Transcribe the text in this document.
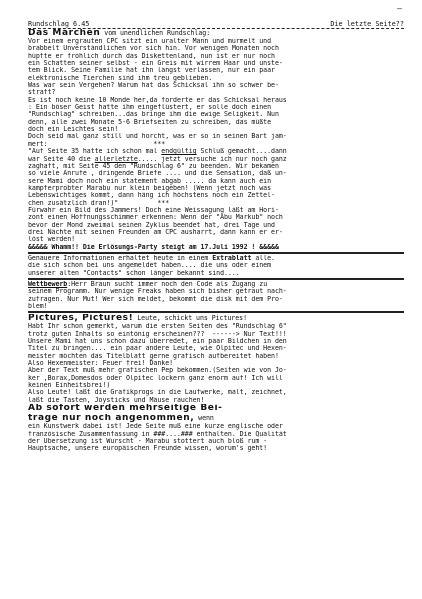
―
Rundschlag 6.45	Die letzte Seite??
Das Märchen vom unendlichen Rundschlag:
Vor einem ergrauten CPC sitzt ein uralter Mann und murmelt und
brabbelt Unverständlichen vor sich hin. Vor wenigen Monaten noch
hüpfte er fröhlich durch das Diskettenland, nun ist er nur noch
ein Schatten seiner selbst - ein Greis mit wirrem Haar und unste-
tem Blick. Seine Familie hat ihn längst verlassen, nur ein paar
elektronische Tierchen sind ihm treu geblieben.
Was war sein Vergehen? Warum hat das Schicksal ihn so schwer be-
straft?
Es ist noch keine 10 Monde her,da forderte er das Schicksal heraus
: Ein böser Geist hatte ihm eingeflüstert, er solle doch einen
"Rundschlag" schreiben...das bringe ihm die ewige Seligkeit. Nun
denn, alle zwei Monate 5-6 Briefseiten zu schreiben, das müßte
doch ein Leichtes sein!
Doch seid mal ganz still und horcht, was er so in seinen Bart jam-
mert:                           ***
"Auf Seite 35 hatte ich schon mal endgültig Schluß gemacht....dann
war Seite 40 die allerletzte..... jetzt versuche ich nur noch ganz
zaghaft, mit Seite 45 den "Rundschlag 6" zu beenden. Wir bekamen
so viele Anrufe , dringende Briefe .... und die Sensation, daß un-
sere Mami doch noch ein statement abgab ..... da kann auch ein
kampferprobter Marabu nur klein beigeben! (Wenn jetzt noch was
Lebenswichtiges kommt, dann häng ich höchstens noch ein Zettel-
chen zusätzlich dran!)"          ***
Fürwahr ein Bild des Jammers! Doch eine Weissagung läßt am Hori-
zont einen Hoffnungsschimmer erkennen: Wenn der "Abu Markub" noch
bevor der Mond zweimal seinen Zyklus beendet hat, drei Tage und
drei Nächte mit seinen Freunden am CPC ausharrt, dann kann er er-
löst werden!
&&&&& Whamm!! Die Erlösungs-Party steigt am 17.Juli 1992 ! &&&&&
Genauere Informationen erhaltet heute in einem Extrablatt alle.
die sich schon bei uns angemeldet haben.... die uns oder einem
unserer alten "Contacts" schon länger bekannt sind....
Wettbewerb:Herr Braun sucht immer noch den Code als Zugang zu
seinem Programm. Nur wenige Freaks haben sich bisher getraut nach-
zufragen. Nur Mut! Wer sich meldet, bekommt die disk mit dem Pro-
blem!
Pictures, Pictures! Leute, schickt uns Pictures!
Habt Ihr schon gemerkt, warum die ersten Seiten des "Rundschlag 6"
trotz guten Inhalts so eintönig erscheinen???  ------> Nur Text!!!
Unsere Mami hat uns schon dazu überredet, ein paar Bildchen in den
Titel zu bringen.... ein paar andere Leute, wie Olpitec und Hexen-
meister möchten das Titelblatt gerne grafisch aufbereitet haben!
Also Hexenmeister: Feuer frei! Danke!
Aber der Text muß mehr grafischen Pep bekommen.(Seiten wie von Jo-
ker ,Borax,Domesdos oder Olpitec lockern ganz enorm auf! Ich will
keinen Einheitsbrei!)
Also Leute! laßt die Grafikprogs in die Laufwerke, malt, zeichnet,
laßt die Tasten, Joysticks und Mäuse rauchen!
Ab sofort werden mehrseitige Bei-
träge nur noch angenommen, wenn
ein Kunstwerk dabei ist! Jede Seite muß eine kurze englische oder
französische Zusammenfassung in ###....### enthalten. Die Qualität
der Übersetzung ist Wurscht - Marabu stottert auch bloß rum -
Hauptsache, unsere europäischen Freunde wissen, worum's geht!
